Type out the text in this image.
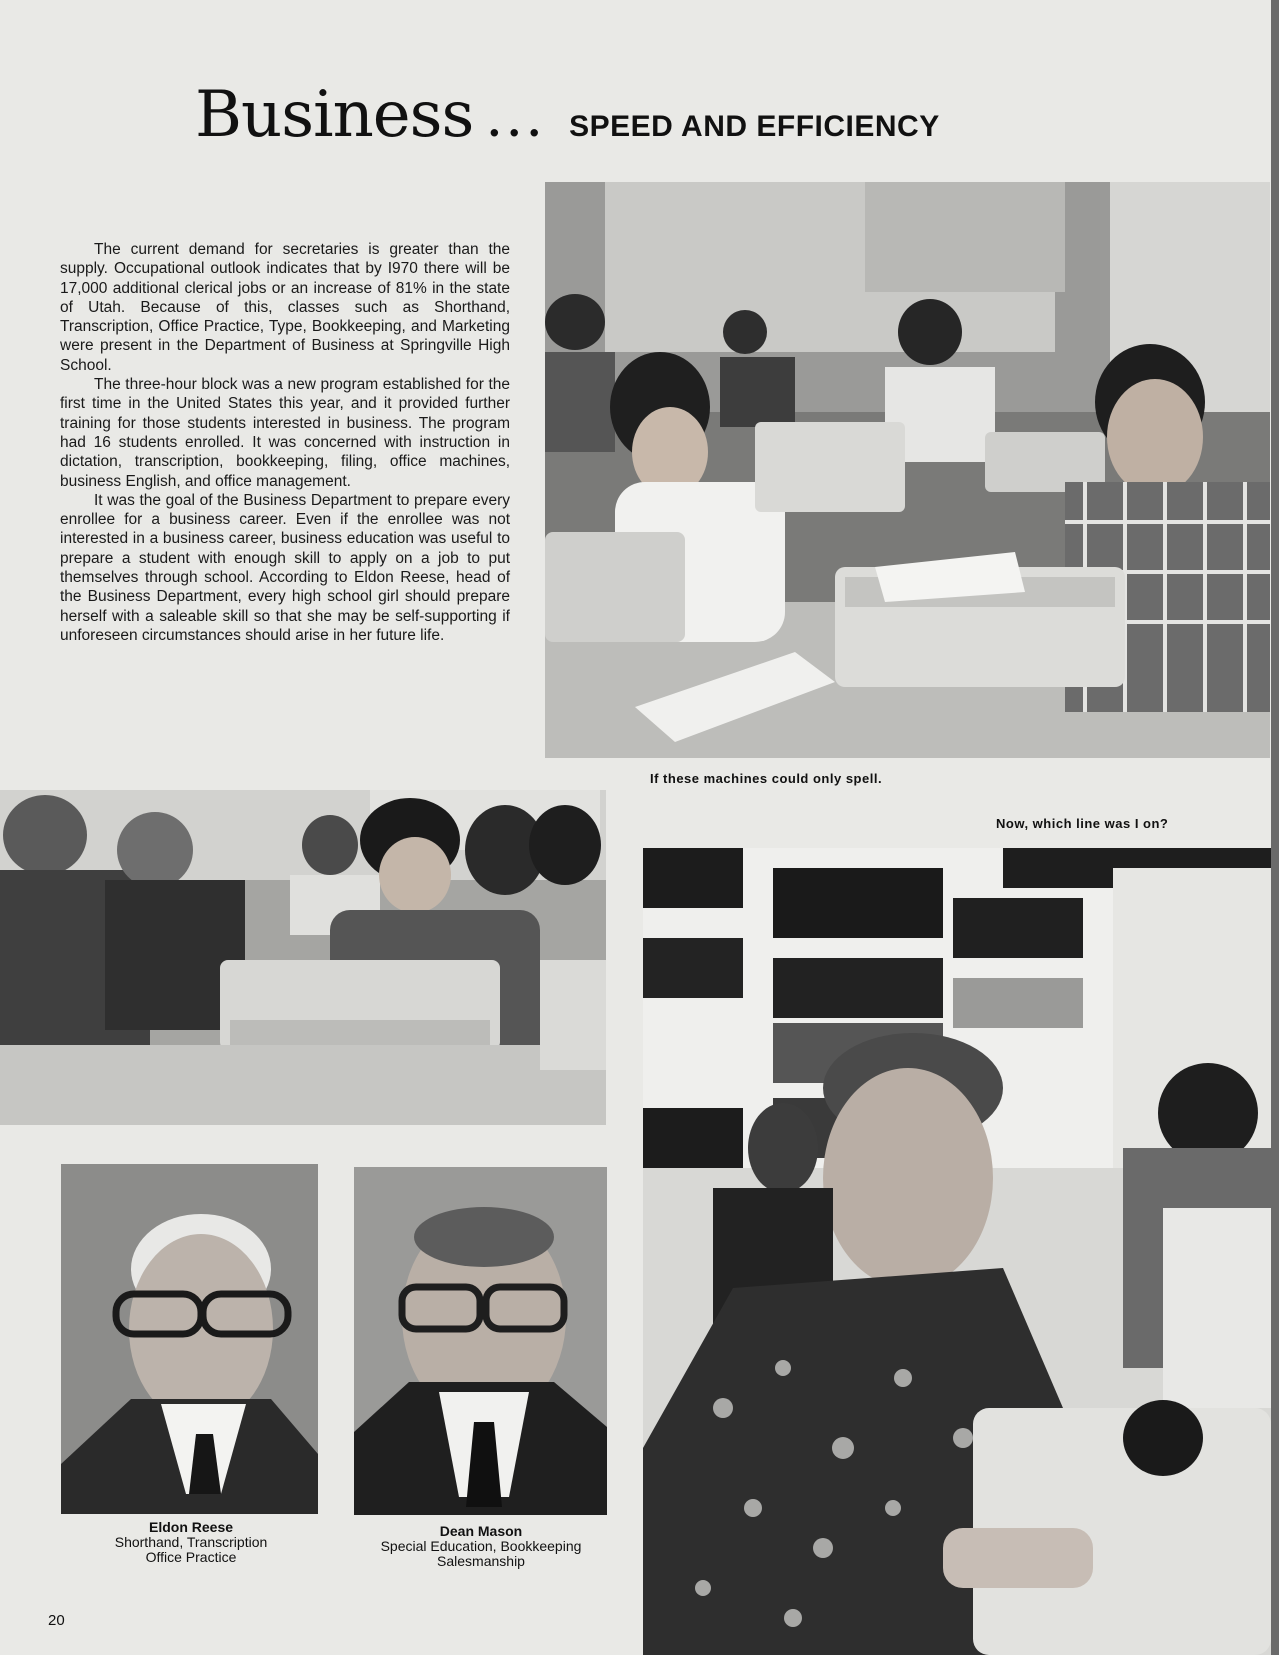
Business ... SPEED AND EFFICIENCY

The current demand for secretaries is greater than the supply. Occupational outlook indicates that by I970 there will be 17,000 additional clerical jobs or an increase of 81% in the state of Utah. Because of this, classes such as Shorthand, Transcription, Office Practice, Type, Bookkeeping, and Marketing were present in the Department of Business at Springville High School.

The three-hour block was a new program established for the first time in the United States this year, and it provided further training for those students interested in business. The program had 16 students enrolled. It was concerned with instruction in dictation, transcription, bookkeeping, filing, office machines, business English, and office management.

It was the goal of the Business Department to prepare every enrollee for a business career. Even if the enrollee was not interested in a business career, business education was useful to prepare a student with enough skill to apply on a job to put themselves through school. According to Eldon Reese, head of the Business Department, every high school girl should prepare herself with a saleable skill so that she may be self-supporting if unforeseen circumstances should arise in her future life.

If these machines could only spell.
Eldon Reese
Shorthand, Transcription
Office Practice
Dean Mason
Special Education, Bookkeeping
Salesmanship
Now, which line was I on?
20
